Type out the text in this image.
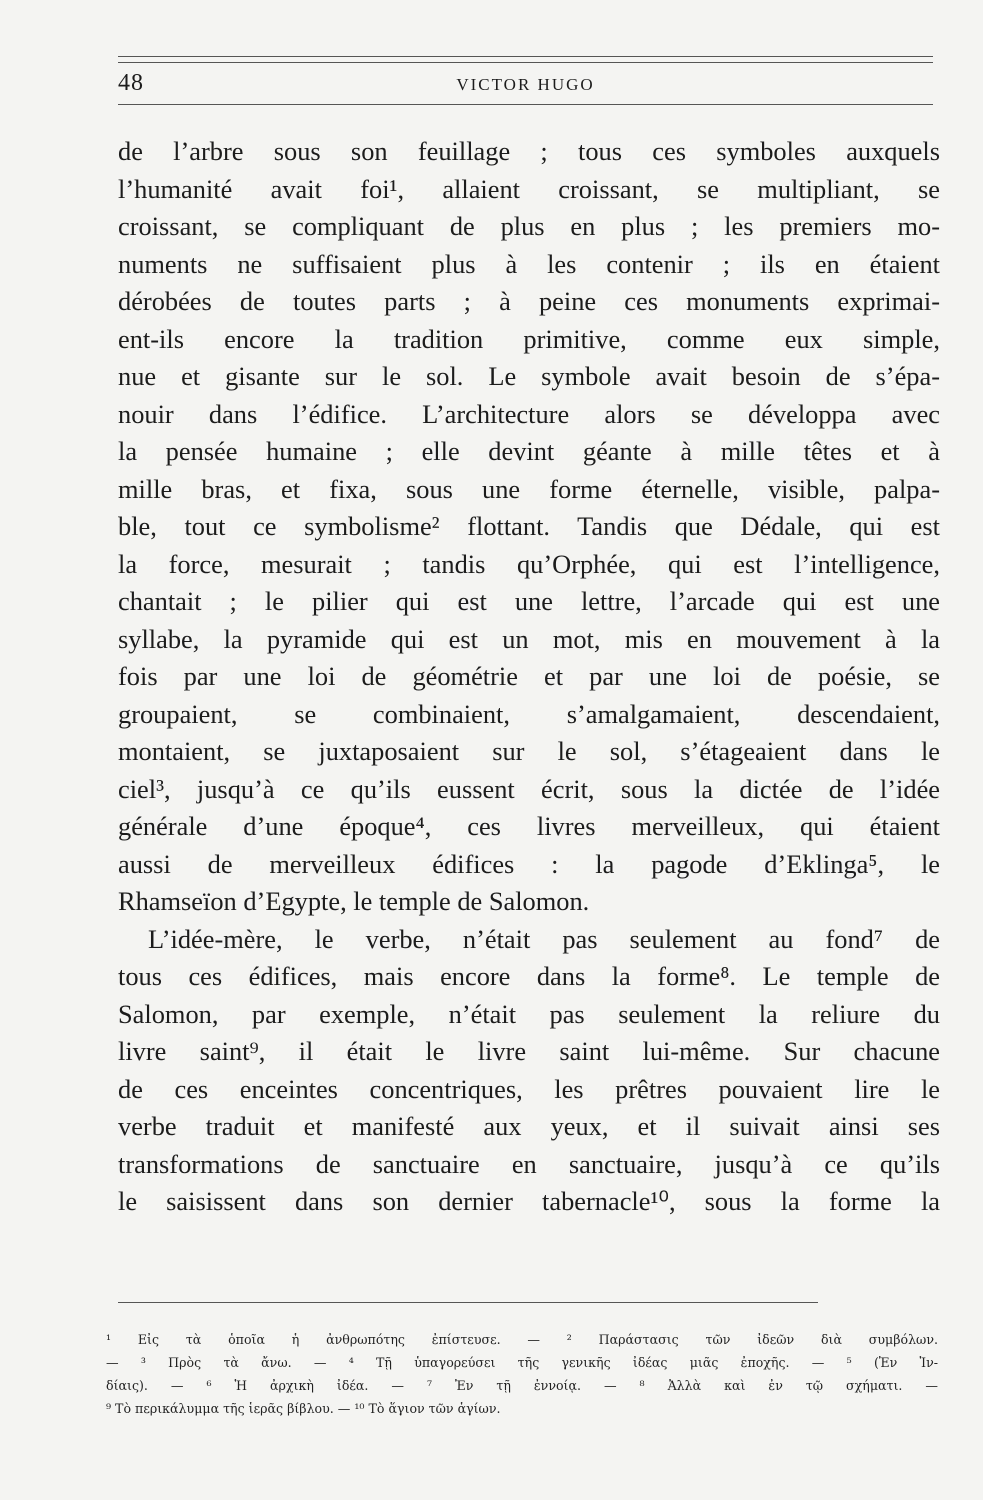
48	VICTOR HUGO
de l’arbre sous son feuillage ; tous ces symboles auxquels
l’humanité avait foi¹, allaient croissant, se multipliant, se
croissant, se compliquant de plus en plus ; les premiers mo-
numents ne suffisaient plus à les contenir ; ils en étaient
dérobées de toutes parts ; à peine ces monuments exprimai-
ent-ils encore la tradition primitive, comme eux simple,
nue et gisante sur le sol. Le symbole avait besoin de s’épa-
nouir dans l’édifice. L’architecture alors se développa avec
la pensée humaine ; elle devint géante à mille têtes et à
mille bras, et fixa, sous une forme éternelle, visible, palpa-
ble, tout ce symbolisme² flottant. Tandis que Dédale, qui est
la force, mesurait ; tandis qu’Orphée, qui est l’intelligence,
chantait ; le pilier qui est une lettre, l’arcade qui est une
syllabe, la pyramide qui est un mot, mis en mouvement à la
fois par une loi de géométrie et par une loi de poésie, se
groupaient, se combinaient, s’amalgamaient, descendaient,
montaient, se juxtaposaient sur le sol, s’étageaient dans le
ciel³, jusqu’à ce qu’ils eussent écrit, sous la dictée de l’idée
générale d’une époque⁴, ces livres merveilleux, qui étaient
aussi de merveilleux édifices : la pagode d’Eklinga⁵, le
Rhamseïon d’Egypte, le temple de Salomon.
L’idée-mère, le verbe, n’était pas seulement au fond⁷ de
tous ces édifices, mais encore dans la forme⁸. Le temple de
Salomon, par exemple, n’était pas seulement la reliure du
livre saint⁹, il était le livre saint lui-même. Sur chacune
de ces enceintes concentriques, les prêtres pouvaient lire le
verbe traduit et manifesté aux yeux, et il suivait ainsi ses
transformations de sanctuaire en sanctuaire, jusqu’à ce qu’ils
le saisissent dans son dernier tabernacle¹⁰, sous la forme la
¹ Εἰς τὰ ὁποῖα ἡ ἀνθρωπότης ἐπίστευσε. — ² Παράστασις τῶν ἰδεῶν διὰ συμβόλων.
— ³ Πρὸς τὰ ἄνω. — ⁴ Τῇ ὑπαγορεύσει τῆς γενικῆς ἰδέας μιᾶς ἐποχῆς. — ⁵ (Ἐν Ἰν-
δίαις). — ⁶ Ἡ ἀρχικὴ ἰδέα. — ⁷ Ἐν τῇ ἐννοίᾳ. — ⁸ Ἀλλὰ καὶ ἐν τῷ σχήματι. —
⁹ Τὸ περικάλυμμα τῆς ἱερᾶς βίβλου. — ¹⁰ Τὸ ἅγιον τῶν ἁγίων.
